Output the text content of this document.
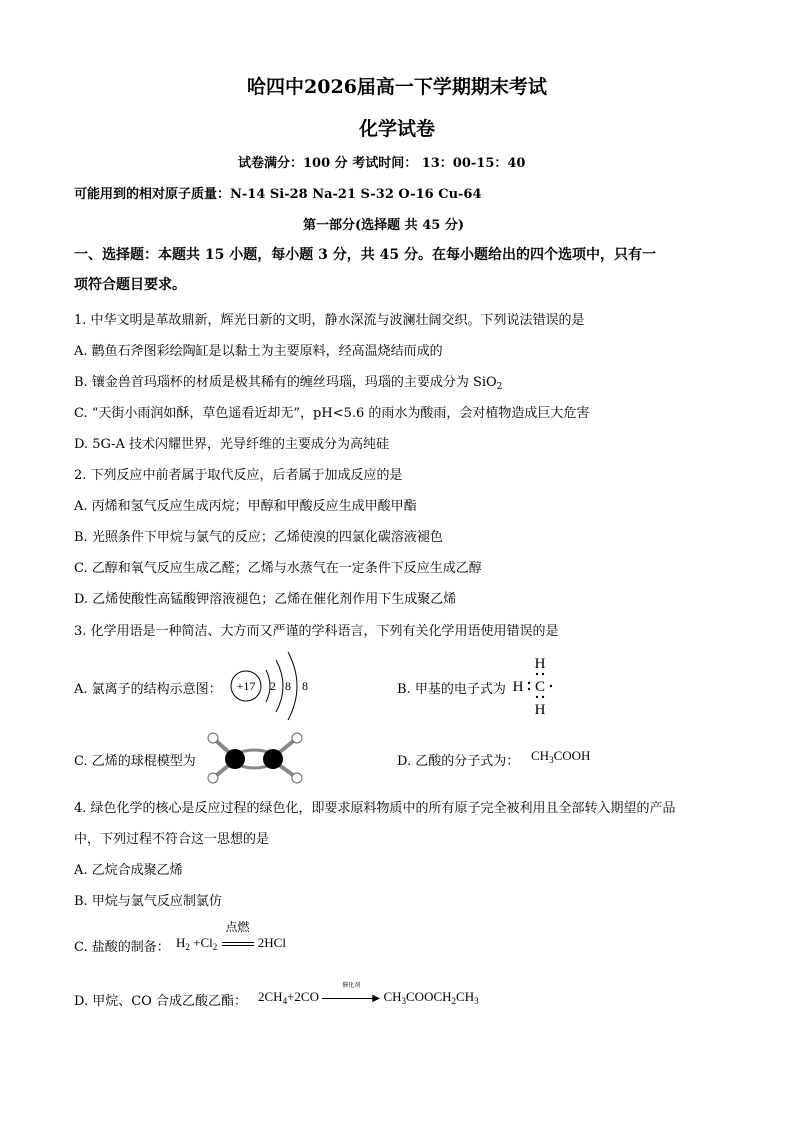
哈四中2026届高一下学期期末考试
化学试卷
试卷满分：100 分 考试时间： 13：00-15：40
可能用到的相对原子质量：N-14 Si-28 Na-21 S-32 O-16 Cu-64
第一部分(选择题 共 45 分)
一、选择题：本题共 15 小题，每小题 3 分，共 45 分。在每小题给出的四个选项中，只有一
项符合题目要求。
1. 中华文明是革故鼎新，辉光日新的文明，静水深流与波澜壮阔交织。下列说法错误的是
A. 鹳鱼石斧图彩绘陶缸是以黏土为主要原料，经高温烧结而成的
B. 镶金兽首玛瑙杯的材质是极其稀有的缠丝玛瑙，玛瑙的主要成分为 SiO$_2$
C. “天街小雨润如酥，草色遥看近却无”，pH<5.6 的雨水为酸雨，会对植物造成巨大危害
D. 5G-A 技术闪耀世界，光导纤维的主要成分为高纯硅
2. 下列反应中前者属于取代反应，后者属于加成反应的是
A. 丙烯和氢气反应生成丙烷；甲醇和甲酸反应生成甲酸甲酯
B. 光照条件下甲烷与氯气的反应；乙烯使溴的四氯化碳溶液褪色
C. 乙醇和氧气反应生成乙醛；乙烯与水蒸气在一定条件下反应生成乙醇
D. 乙烯使酸性高锰酸钾溶液褪色；乙烯在催化剂作用下生成聚乙烯
3. 化学用语是一种简洁、大方而又严谨的学科语言，下列有关化学用语使用错误的是
A. 氯离子的结构示意图： +17 2 8 8	B. 甲基的电子式为
H
H C
H
C. 乙烯的球棍模型为	D. 乙酸的分子式为： $CH_3COOH$
4. 绿色化学的核心是反应过程的绿色化，即要求原料物质中的所有原子完全被利用且全部转入期望的产品
中，下列过程不符合这一思想的是
A. 乙烷合成聚乙烯
B. 甲烷与氯气反应制氯仿
C. 盐酸的制备： $H_2 +Cl_2$
点燃
2HCl
D. 甲烷、CO 合成乙酸乙酯： $2CH_4+2CO$
催化剂
▶ $CH_3COOCH_2CH_3$
